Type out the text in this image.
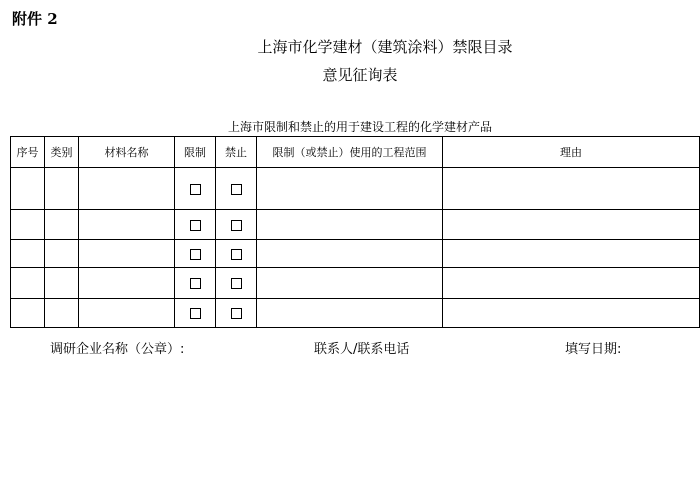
附件 2
上海市化学建材（建筑涂料）禁限目录
意见征询表
上海市限制和禁止的用于建设工程的化学建材产品
序号	类别	材料名称	限制	禁止	限制（或禁止）使用的工程范围	理由

调研企业名称（公章）:	联系人/联系电话	填写日期:
